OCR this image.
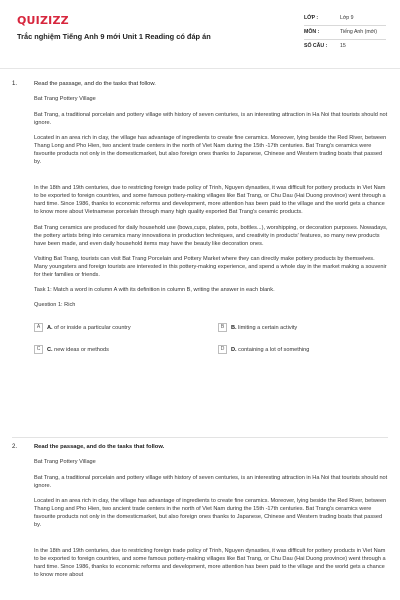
QUIZIZZ
Trắc nghiệm Tiếng Anh 9 mới Unit 1 Reading có đáp án
LỚP :	Lớp 9
MÔN :	Tiếng Anh (mới)
SỐ CÂU :	15
1.	Read the passage, and do the tasks that follow.

Bat Trang Pottery Village

Bat Trang, a traditional porcelain and pottery village with history of seven centuries, is an interesting attraction in Ha Noi that tourists should not ignore.

Located in an area rich in clay, the village has advantage of ingredients to create fine ceramics. Moreover, lying beside the Red River, between Thang Long and Pho Hien, two ancient trade centers in the north of Viet Nam during the 15th -17th centuries. Bat Trang's ceramics were favourite products not only in the domesticmarket, but also foreign ones thanks to Japanese, Chinese and Western trading boats that passed by.

In the 18th and 19th centuries, due to restricting foreign trade policy of Trinh, Nguyen dynasties, it was difficult for pottery products in Viet Nam to be exported to foreign countries, and some famous pottery-making villages like Bat Trang, or Chu Dau (Hai Duong province) went through a hard time. Since 1986, thanks to economic reforms and development, more attention has been paid to the village and the world gets a chance to know more about Vietnamese porcelain through many high quality exported Bat Trang's ceramic products.

Bat Trang ceramics are produced for daily household use (bows,cups, plates, pots, bottles...), worshipping, or decoration purposes. Nowadays, the pottery artists bring into ceramics many innovations in production techniques, and creativity in products' features, so many new products have been made, and even daily household items may have the beauty like decoration ones.

Visiting Bat Trang, tourists can visit Bat Trang Porcelain and Pottery Market where they can directly make pottery products by themselves. Many youngsters and foreign tourists are interested in this pottery-making experience, and spend a whole day in the market making a souvenir for their families or friends.

Task 1: Match a word in column A with its definition in column B, writing the answer in each blank.

Question 1: Rich

A	A. of or inside a particular country	B	B. limiting a certain activity
C	C. new ideas or methods	D	D. containing a lot of something
2.	Read the passage, and do the tasks that follow.

Bat Trang Pottery Village

Bat Trang, a traditional porcelain and pottery village with history of seven centuries, is an interesting attraction in Ha Noi that tourists should not ignore.

Located in an area rich in clay, the village has advantage of ingredients to create fine ceramics. Moreover, lying beside the Red River, between Thang Long and Pho Hien, two ancient trade centers in the north of Viet Nam during the 15th -17th centuries. Bat Trang's ceramics were favourite products not only in the domesticmarket, but also foreign ones thanks to Japanese, Chinese and Western trading boats that passed by.

In the 18th and 19th centuries, due to restricting foreign trade policy of Trinh, Nguyen dynasties, it was difficult for pottery products in Viet Nam to be exported to foreign countries, and some famous pottery-making villages like Bat Trang, or Chu Dau (Hai Duong province) went through a hard time. Since 1986, thanks to economic reforms and development, more attention has been paid to the village and the world gets a chance to know more about
